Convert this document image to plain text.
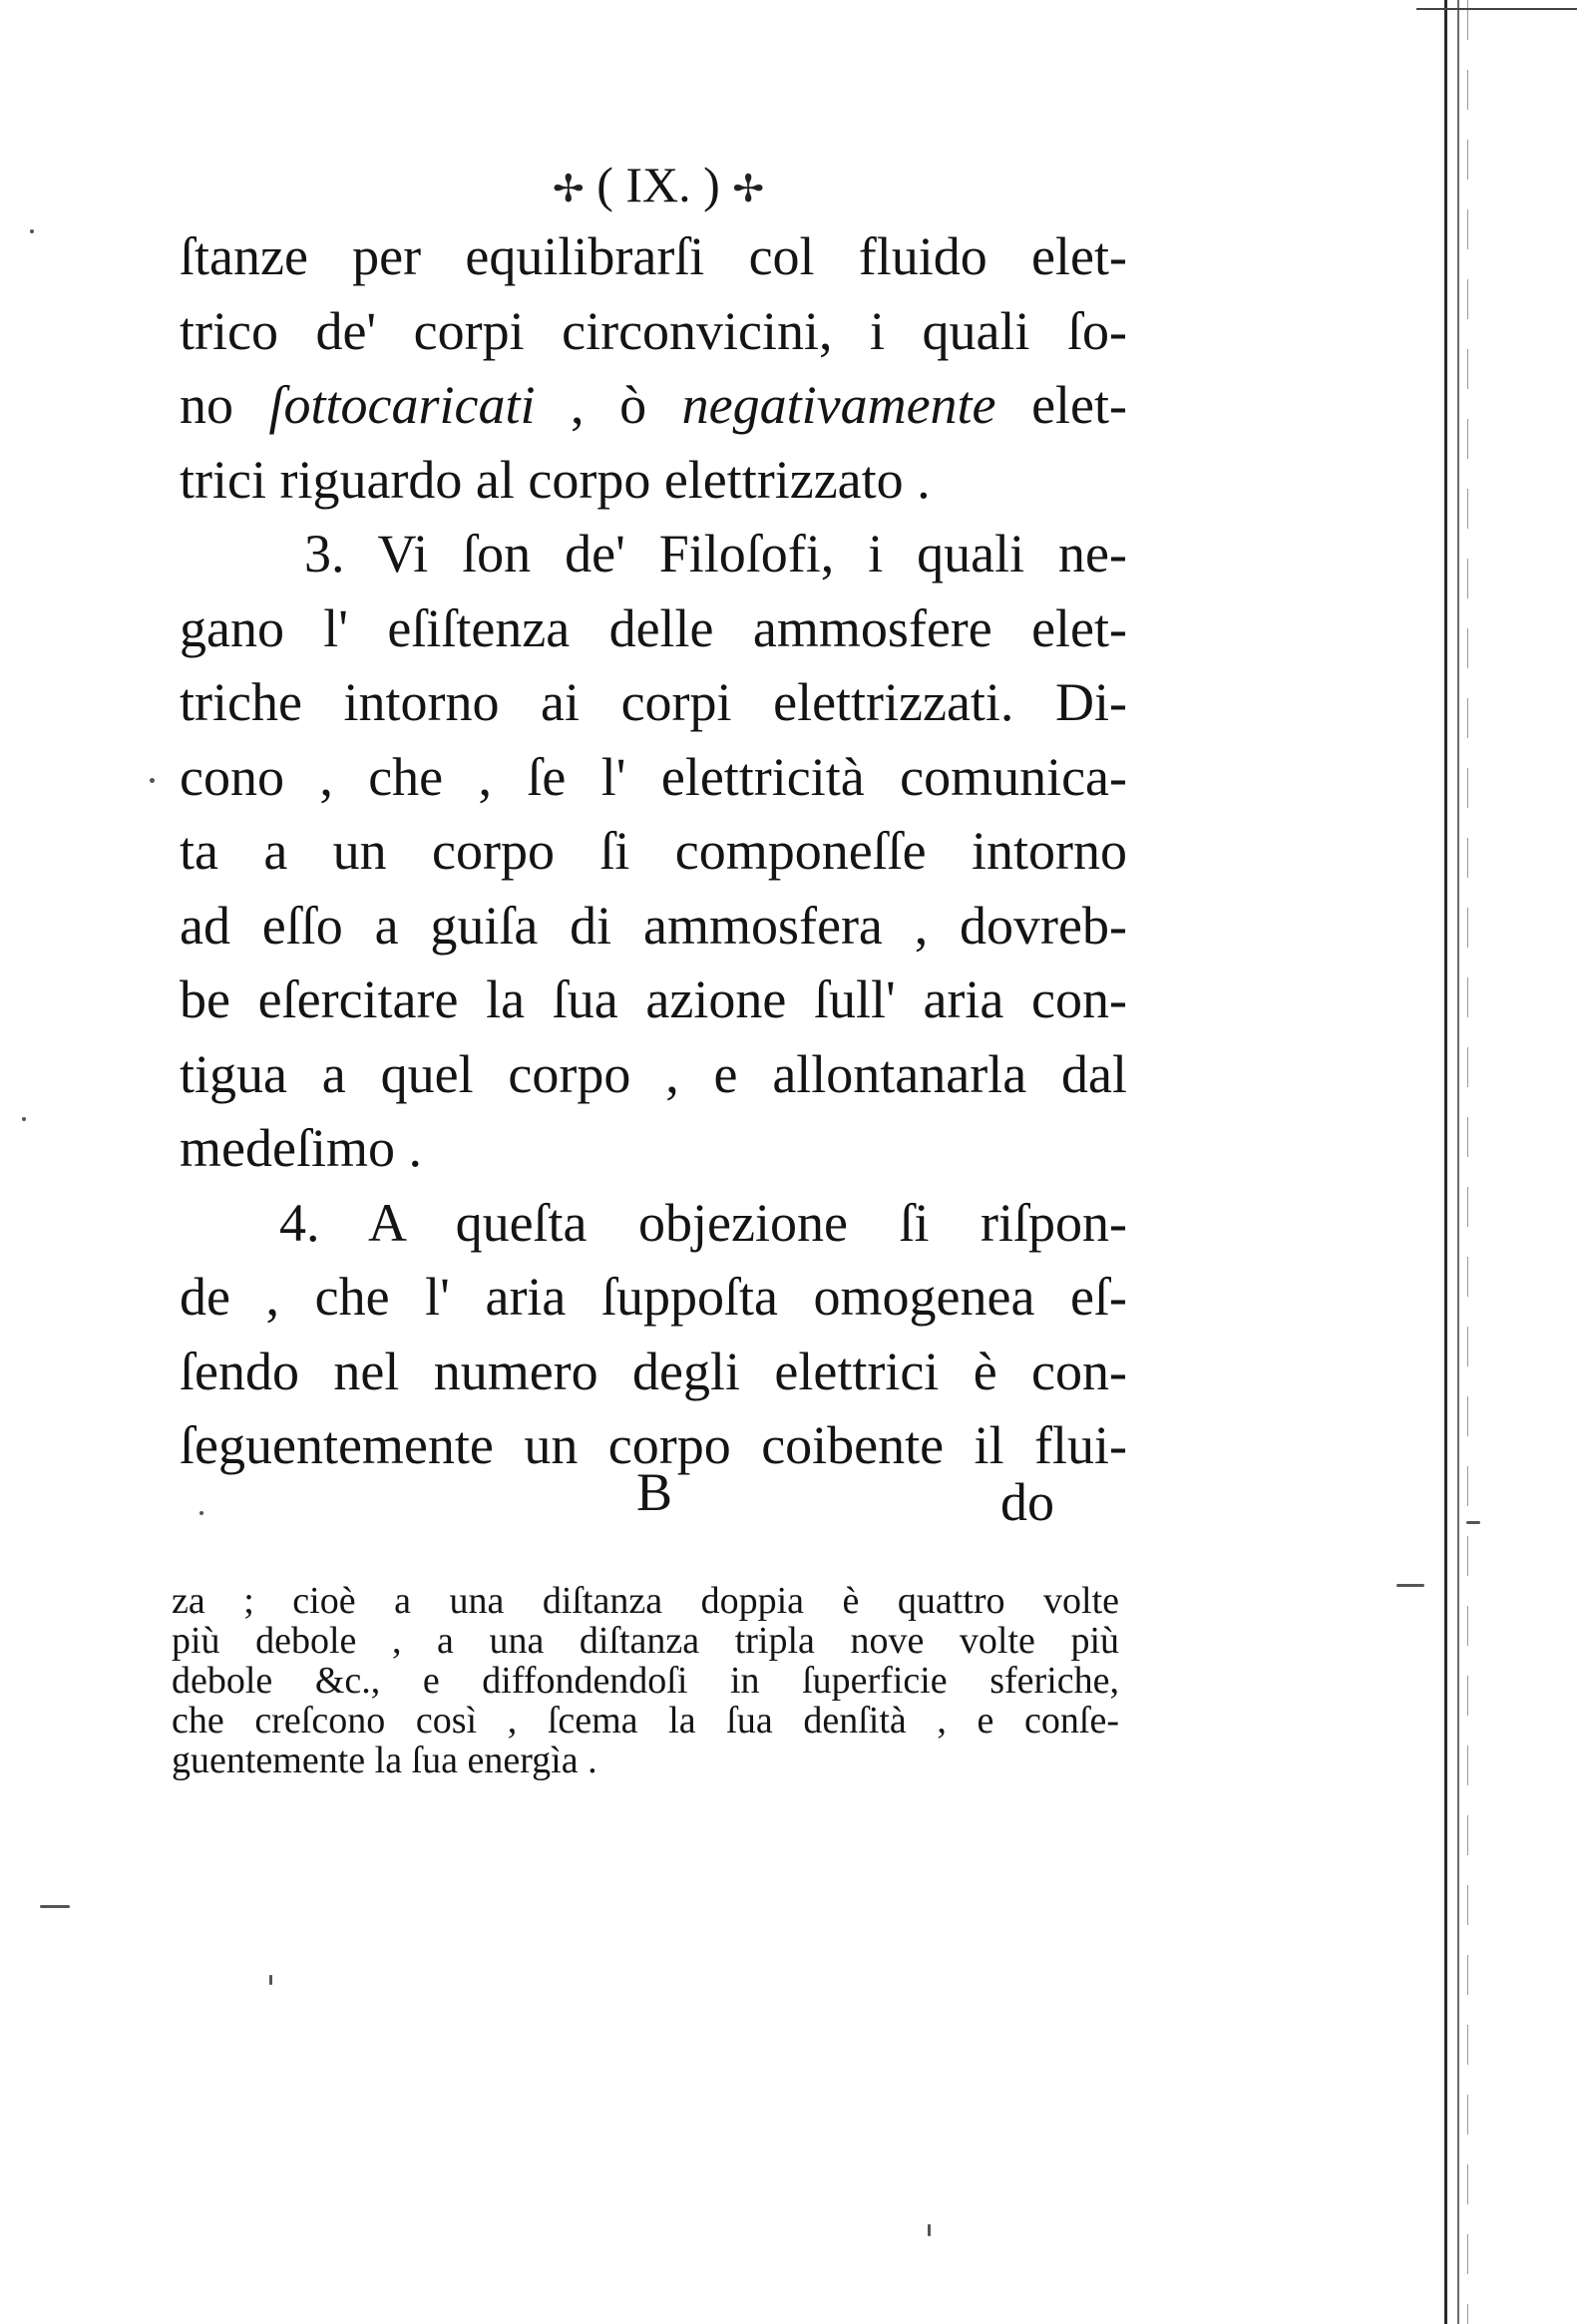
✢ ( IX. ) ✢
ſtanze per equilibrarſi col fluido elet-
trico de' corpi circonvicini, i quali ſo-
no ſottocaricati , ò negativamente elet-
trici riguardo al corpo elettrizzato .
3. Vi ſon de' Filoſofi, i quali ne-
gano l' eſiſtenza delle ammosfere elet-
triche intorno ai corpi elettrizzati. Di-
cono , che , ſe l' elettricità comunica-
ta a un corpo ſi componeſſe intorno
ad eſſo a guiſa di ammosfera , dovreb-
be eſercitare la ſua azione ſull' aria con-
tigua a quel corpo , e allontanarla dal
medeſimo .
4. A queſta objezione ſi riſpon-
de , che l' aria ſuppoſta omogenea eſ-
ſendo nel numero degli elettrici è con-
ſeguentemente un corpo coibente il flui-
B	do
za ; cioè a una diſtanza doppia è quattro volte
più debole , a una diſtanza tripla nove volte più
debole &c., e diffondendoſi in ſuperficie sferiche,
che creſcono così , ſcema la ſua denſità , e conſe-
guentemente la ſua energìa .
